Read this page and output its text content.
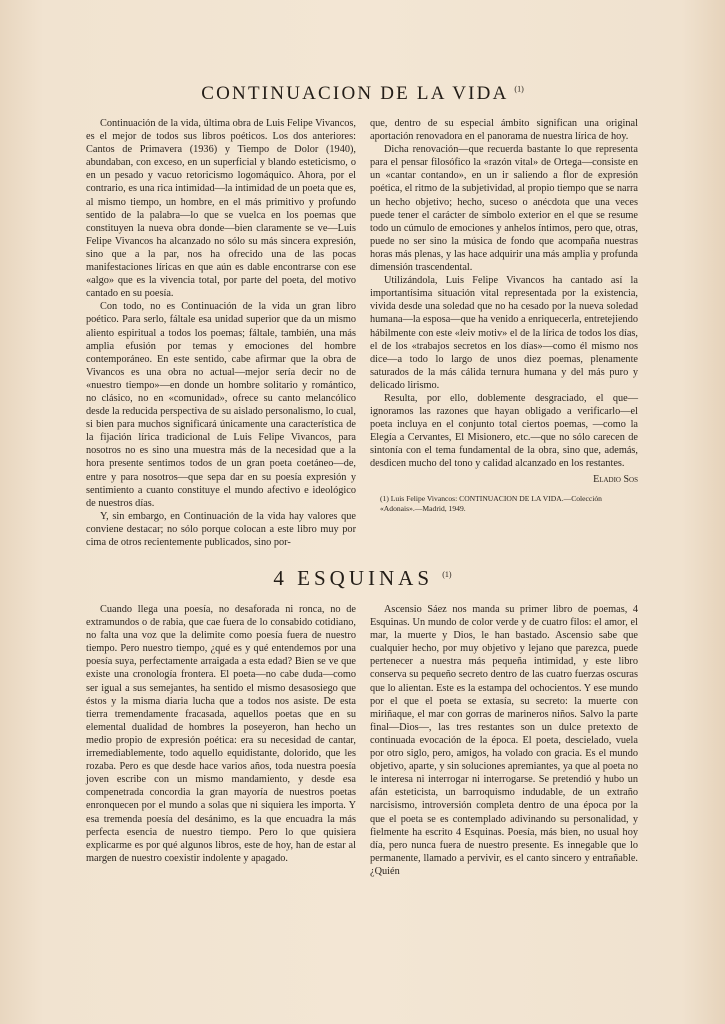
CONTINUACION DE LA VIDA $^{(1)}$

Continuación de la vida, última obra de Luis Felipe Vivancos, es el mejor de todos sus libros poéticos. Los dos anteriores: Cantos de Primavera (1936) y Tiempo de Dolor (1940), abundaban, con exceso, en un superficial y blando esteticismo, o en un pesado y vacuo retoricismo logomáquico. Ahora, por el contrario, es una rica intimidad—la intimidad de un poeta que es, al mismo tiempo, un hombre, en el más primitivo y profundo sentido de la palabra—lo que se vuelca en los poemas que constituyen la nueva obra donde—bien claramente se ve—Luis Felipe Vivancos ha alcanzado no sólo su más sincera expresión, sino que a la par, nos ha ofrecido una de las pocas manifestaciones líricas en que aún es dable encontrarse con ese «algo» que es la vivencia total, por parte del poeta, del motivo cantado en su poesía.

Con todo, no es Continuación de la vida un gran libro poético. Para serlo, fáltale esa unidad superior que da un mismo aliento espiritual a todos los poemas; fáltale, también, una más amplia efusión por temas y emociones del hombre contemporáneo. En este sentido, cabe afirmar que la obra de Vivancos es una obra no actual—mejor sería decir no de «nuestro tiempo»—en donde un hombre solitario y romántico, no clásico, no en «comunidad», ofrece su canto melancólico desde la reducida perspectiva de su aislado personalismo, lo cual, si bien para muchos significará únicamente una característica de la fijación lírica tradicional de Luis Felipe Vivancos, para nosotros no es sino una muestra más de la necesidad que a la hora presente sentimos todos de un gran poeta coetáneo—de, entre y para nosotros—que sepa dar en su poesía expresión y sentimiento a cuanto constituye el mundo afectivo e ideológico de nuestros días.

Y, sin embargo, en Continuación de la vida hay valores que conviene destacar; no sólo porque colocan a este libro muy por cima de otros recientemente publicados, sino por-

que, dentro de su especial ámbito significan una original aportación renovadora en el panorama de nuestra lírica de hoy.

Dicha renovación—que recuerda bastante lo que representa para el pensar filosófico la «razón vital» de Ortega—consiste en un «cantar contando», en un ir saliendo a flor de expresión poética, el ritmo de la subjetividad, al propio tiempo que se narra un hecho objetivo; hecho, suceso o anécdota que una veces puede tener el carácter de símbolo exterior en el que se resume todo un cúmulo de emociones y anhelos íntimos, pero que, otras, puede no ser sino la música de fondo que acompaña nuestras horas más plenas, y las hace adquirir una más amplia y profunda dimensión trascendental.

Utilizándola, Luis Felipe Vivancos ha cantado así la importantísima situación vital representada por la existencia, vivida desde una soledad que no ha cesado por la nueva soledad humana—la esposa—que ha venido a enriquecerla, entretejiendo hábilmente con este «leiv motiv» el de la lírica de todos los días, el de los «trabajos secretos en los días»—como él mismo nos dice—a todo lo largo de unos diez poemas, plenamente saturados de la más cálida ternura humana y del más puro y delicado lirismo.

Resulta, por ello, doblemente desgraciado, el que—ignoramos las razones que hayan obligado a verificarlo—el poeta incluya en el conjunto total ciertos poemas, —como la Elegía a Cervantes, El Misionero, etc.—que no sólo carecen de sintonía con el tema fundamental de la obra, sino que, además, desdicen mucho del tono y calidad alcanzado en los restantes.

Eladio Sos
(1) Luis Felipe Vivancos: CONTINUACION DE LA VIDA.—Colección «Adonais».—Madrid, 1949.
4 ESQUINAS $^{(1)}$

Cuando llega una poesía, no desaforada ni ronca, no de extramundos o de rabia, que cae fuera de lo consabido cotidiano, no falta una voz que la delimite como poesía fuera de nuestro tiempo. Pero nuestro tiempo, ¿qué es y qué entendemos por una poesía suya, perfectamente arraigada a esta edad? Bien se ve que existe una cronología frontera. El poeta—no cabe duda—como ser igual a sus semejantes, ha sentido el mismo desasosiego que éstos y la misma diaria lucha que a todos nos asiste. De esta tierra tremendamente fracasada, aquellos poetas que en su elemental dualidad de hombres la poseyeron, han hecho un medio propio de expresión poética: era su necesidad de cantar, irremediablemente, todo aquello equidistante, dolorido, que les rozaba. Pero es que desde hace varios años, toda nuestra poesía joven escribe con un mismo mandamiento, y desde esa compenetrada concordia la gran mayoría de nuestros poetas enronquecen por el mundo a solas que ni siquiera les importa. Y esa tremenda poesía del desánimo, es la que encuadra la más perfecta esencia de nuestro tiempo. Pero lo que quisiera explicarme es por qué algunos libros, este de hoy, han de estar al margen de nuestro coexistir indolente y apagado.

Ascensio Sáez nos manda su primer libro de poemas, 4 Esquinas. Un mundo de color verde y de cuatro filos: el amor, el mar, la muerte y Dios, le han bastado. Ascensio sabe que cualquier hecho, por muy objetivo y lejano que parezca, puede pertenecer a nuestra más pequeña intimidad, y este libro conserva su pequeño secreto dentro de las cuatro fuerzas oscuras que lo alientan. Este es la estampa del ochocientos. Y ese mundo por el que el poeta se extasía, su secreto: la muerte con miriñaque, el mar con gorras de marineros niños. Salvo la parte final—Dios—, las tres restantes son un dulce pretexto de continuada evocación de la época. El poeta, descielado, vuela por otro siglo, pero, amigos, ha volado con gracia. Es el mundo objetivo, aparte, y sin soluciones apremiantes, ya que al poeta no le interesa ni interrogar ni interrogarse. Se pretendió y hubo un afán esteticista, un barroquismo indudable, de un extraño narcisismo, introversión completa dentro de una época por la que el poeta se es contemplado adivinando su personalidad, y fielmente ha escrito 4 Esquinas. Poesía, más bien, no usual hoy día, pero nunca fuera de nuestro presente. Es innegable que lo permanente, llamado a pervivir, es el canto sincero y entrañable. ¿Quién
